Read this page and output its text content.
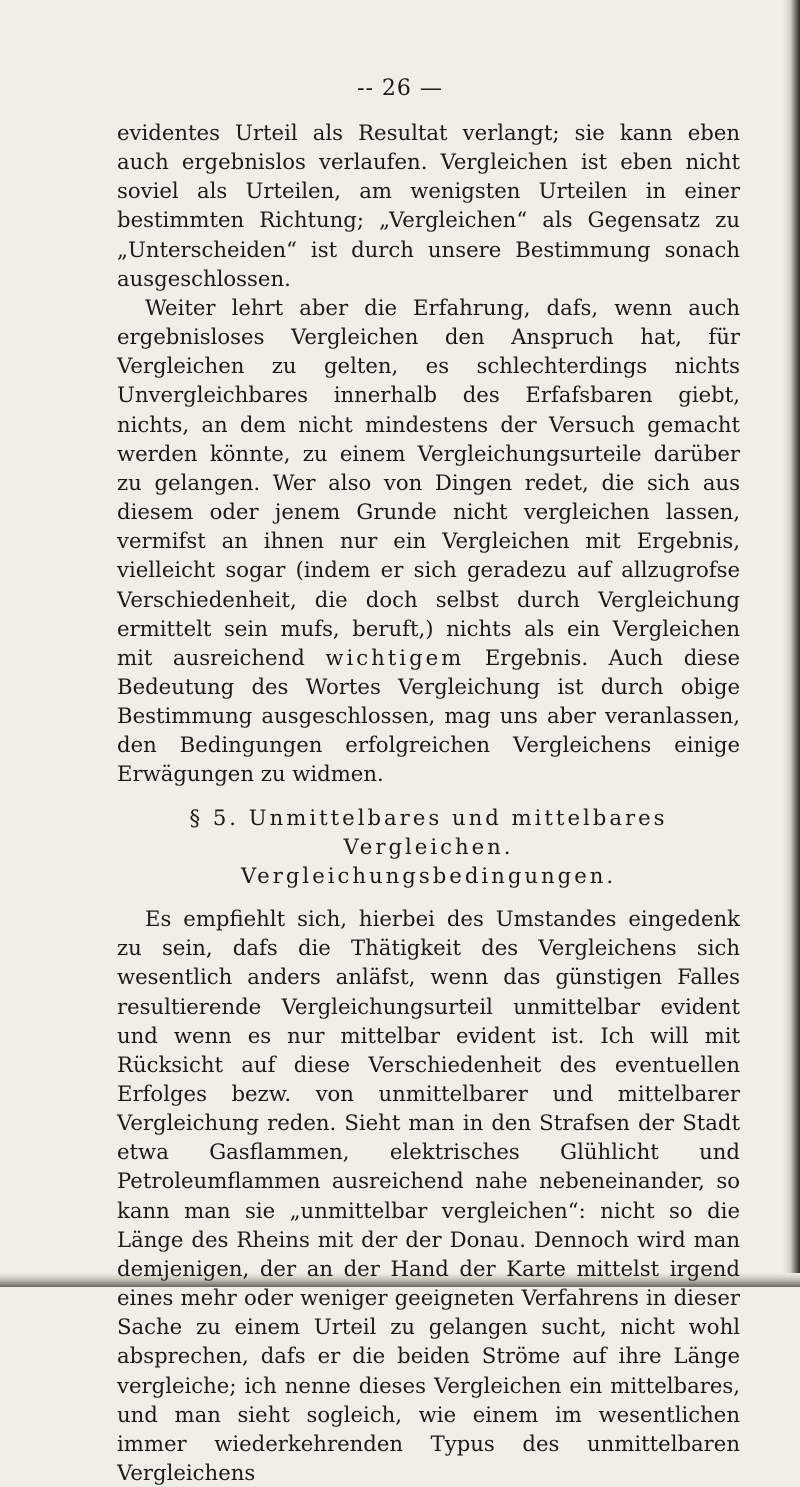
-- 26 —

evidentes Urteil als Resultat verlangt; sie kann eben auch ergebnislos verlaufen. Vergleichen ist eben nicht soviel als Urteilen, am wenigsten Urteilen in einer bestimmten Richtung; „Vergleichen“ als Gegensatz zu „Unterscheiden“ ist durch unsere Bestimmung sonach ausgeschlossen.

Weiter lehrt aber die Erfahrung, dafs, wenn auch ergebnisloses Vergleichen den Anspruch hat, für Vergleichen zu gelten, es schlechterdings nichts Unvergleichbares innerhalb des Erfafsbaren giebt, nichts, an dem nicht mindestens der Versuch gemacht werden könnte, zu einem Vergleichungsurteile darüber zu gelangen. Wer also von Dingen redet, die sich aus diesem oder jenem Grunde nicht vergleichen lassen, vermifst an ihnen nur ein Vergleichen mit Ergebnis, vielleicht sogar (indem er sich geradezu auf allzugrofse Verschiedenheit, die doch selbst durch Vergleichung ermittelt sein mufs, beruft,) nichts als ein Vergleichen mit ausreichend wichtigem Ergebnis. Auch diese Bedeutung des Wortes Vergleichung ist durch obige Bestimmung ausgeschlossen, mag uns aber veranlassen, den Bedingungen erfolgreichen Vergleichens einige Erwägungen zu widmen.

§ 5. Unmittelbares und mittelbares Vergleichen.
Vergleichungsbedingungen.

Es empfiehlt sich, hierbei des Umstandes eingedenk zu sein, dafs die Thätigkeit des Vergleichens sich wesentlich anders anläfst, wenn das günstigen Falles resultierende Vergleichungsurteil unmittelbar evident und wenn es nur mittelbar evident ist. Ich will mit Rücksicht auf diese Verschiedenheit des eventuellen Erfolges bezw. von unmittelbarer und mittelbarer Vergleichung reden. Sieht man in den Strafsen der Stadt etwa Gasflammen, elektrisches Glühlicht und Petroleumflammen ausreichend nahe nebeneinander, so kann man sie „unmittelbar vergleichen“: nicht so die Länge des Rheins mit der der Donau. Dennoch wird man demjenigen, der an der Hand der Karte mittelst irgend eines mehr oder weniger geeigneten Verfahrens in dieser Sache zu einem Urteil zu gelangen sucht, nicht wohl absprechen, dafs er die beiden Ströme auf ihre Länge vergleiche; ich nenne dieses Vergleichen ein mittelbares, und man sieht sogleich, wie einem im wesentlichen immer wiederkehrenden Typus des unmittelbaren Vergleichens
